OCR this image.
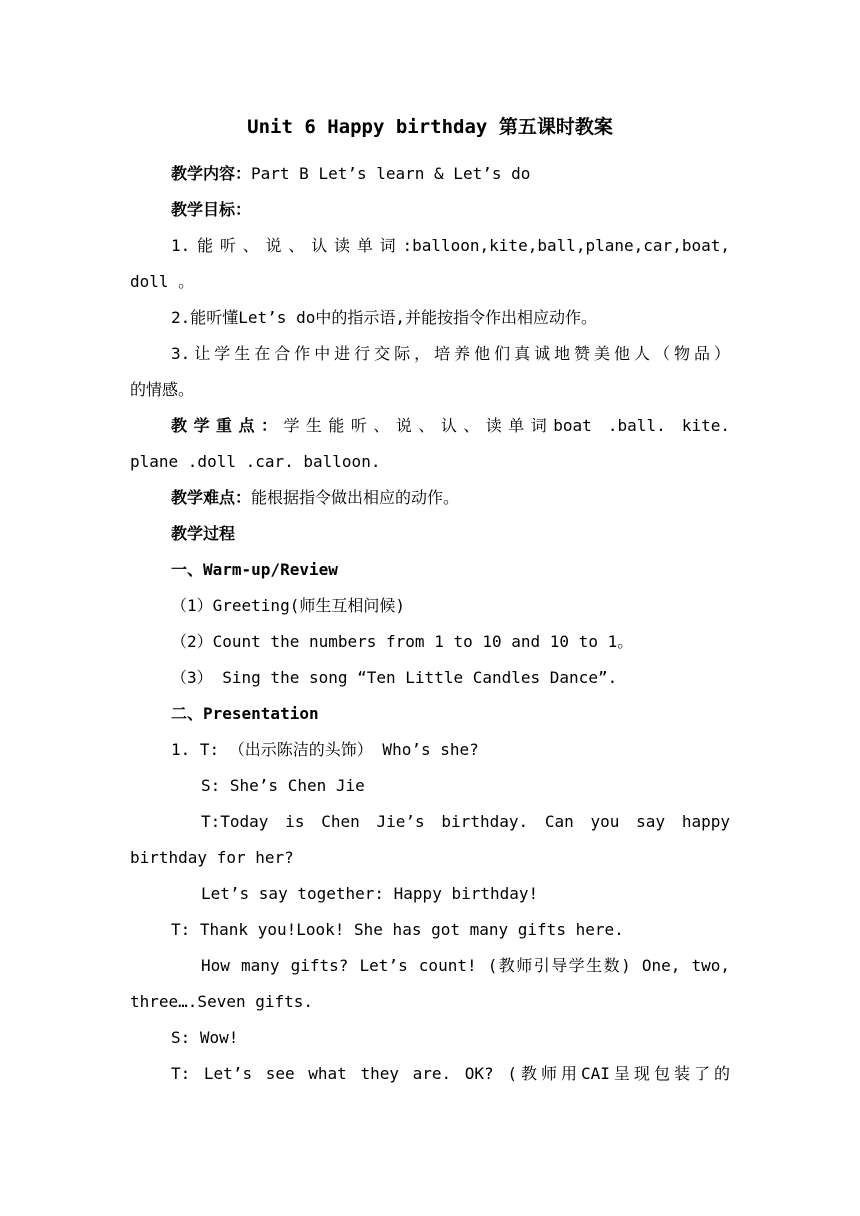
Unit 6 Happy birthday 第五课时教案
教学内容：Part B Let’s learn & Let’s do
教学目标：
1.能听、说、认读单词:balloon,kite,ball,plane,car,boat,
doll 。
2.能听懂Let’s do中的指示语,并能按指令作出相应动作。
3.让学生在合作中进行交际，培养他们真诚地赞美他人（物品）
的情感。
教学重点：学生能听、说、认、读单词boat .ball. kite.
plane .doll .car. balloon.
教学难点：能根据指令做出相应的动作。
教学过程
一、Warm-up/Review
（1）Greeting(师生互相问候)
（2）Count the numbers from 1 to 10 and 10 to 1。
（3） Sing the song “Ten Little Candles Dance”.
二、Presentation
1. T: （出示陈洁的头饰） Who’s she?
S: She’s Chen Jie
T:Today is Chen Jie’s birthday. Can you say happy
birthday for her?
Let’s say together: Happy birthday!
T: Thank you!Look! She has got many gifts here.
How many gifts? Let’s count! (教师引导学生数) One, two,
three….Seven gifts.
S: Wow!
T: Let’s see what they are. OK? (教师用CAI呈现包装了的
